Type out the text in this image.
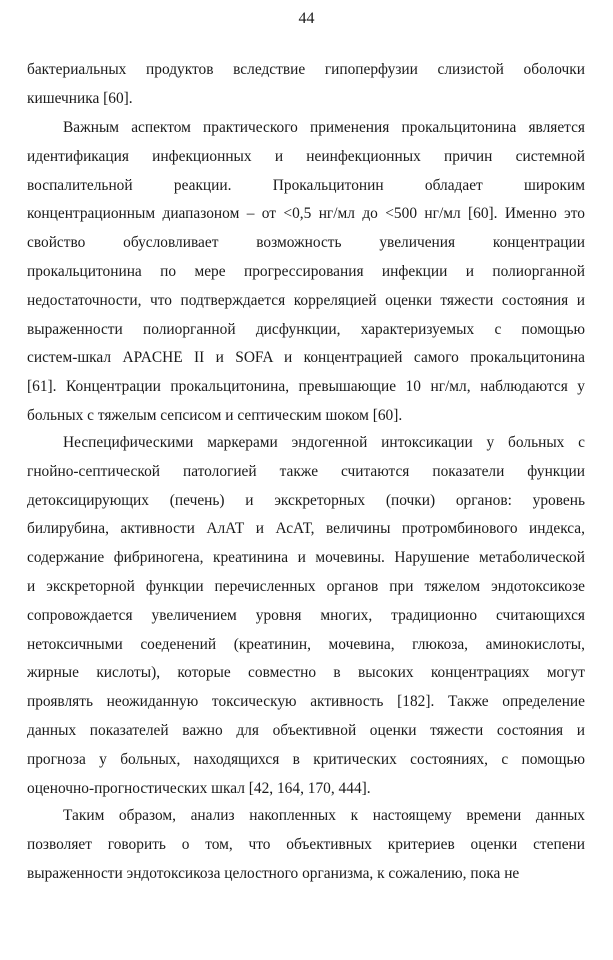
44
бактериальных продуктов вследствие гипоперфузии слизистой оболочки
кишечника [60].
Важным аспектом практического применения прокальцитонина является
идентификация инфекционных и неинфекционных причин системной
воспалительной реакции. Прокальцитонин обладает широким
концентрационным диапазоном – от <0,5 нг/мл до <500 нг/мл [60]. Именно это
свойство обусловливает возможность увеличения концентрации
прокальцитонина по мере прогрессирования инфекции и полиорганной
недостаточности, что подтверждается корреляцией оценки тяжести состояния и
выраженности полиорганной дисфункции, характеризуемых с помощью
систем-шкал APACHE II и SOFA и концентрацией самого прокальцитонина
[61]. Концентрации прокальцитонина, превышающие 10 нг/мл, наблюдаются у
больных с тяжелым сепсисом и септическим шоком [60].
Неспецифическими маркерами эндогенной интоксикации у больных с
гнойно-септической патологией также считаются показатели функции
детоксицирующих (печень) и экскреторных (почки) органов: уровень
билирубина, активности АлАТ и АсАТ, величины протромбинового индекса,
содержание фибриногена, креатинина и мочевины. Нарушение метаболической
и экскреторной функции перечисленных органов при тяжелом эндотоксикозе
сопровождается увеличением уровня многих, традиционно считающихся
нетоксичными соеденений (креатинин, мочевина, глюкоза, аминокислоты,
жирные кислоты), которые совместно в высоких концентрациях могут
проявлять неожиданную токсическую активность [182]. Также определение
данных показателей важно для объективной оценки тяжести состояния и
прогноза у больных, находящихся в критических состояниях, с помощью
оценочно-прогностических шкал [42, 164, 170, 444].
Таким образом, анализ накопленных к настоящему времени данных
позволяет говорить о том, что объективных критериев оценки степени
выраженности эндотоксикоза целостного организма, к сожалению, пока не
